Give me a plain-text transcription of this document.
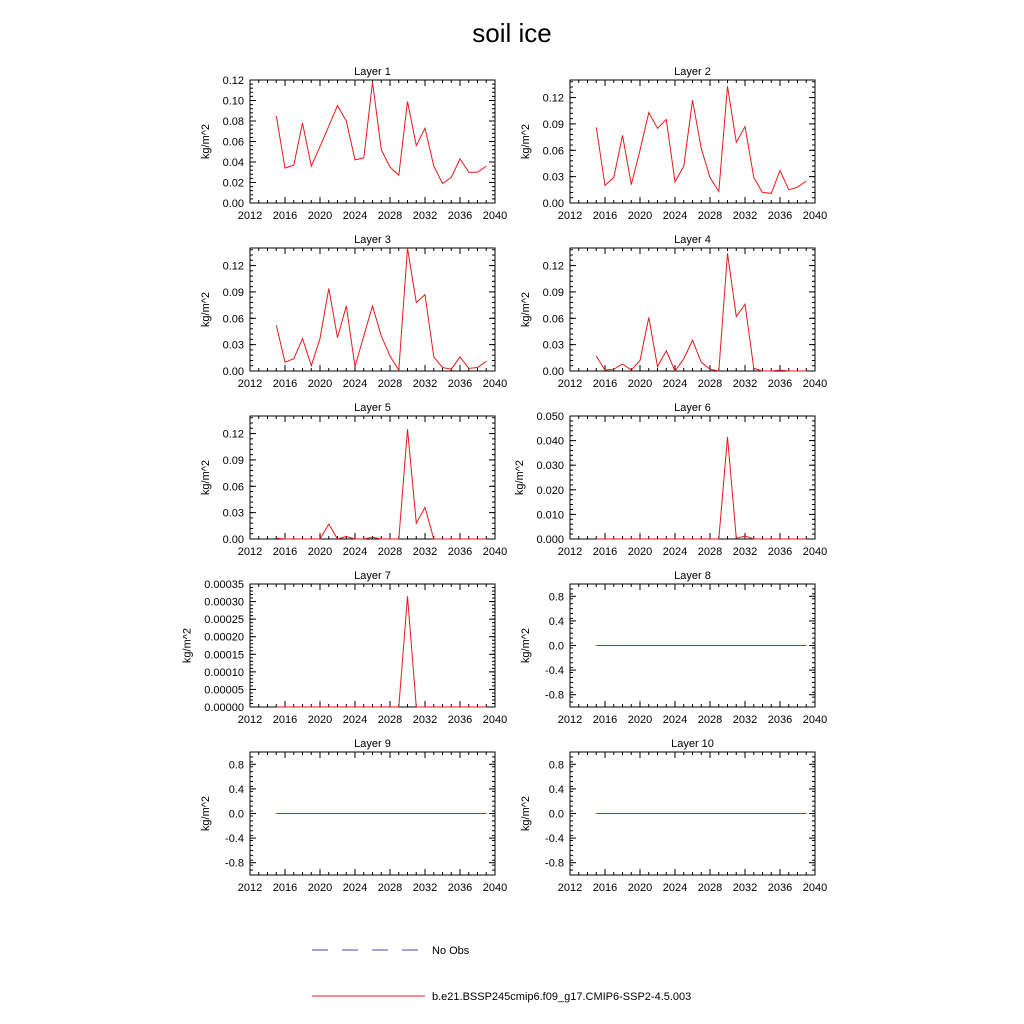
soil ice
Layer 1
2012 2016 2020 2024 2028 2032 2036 2040
0.00
0.02
0.04
0.06
0.08
0.10
0.12
kg/m^2
Layer 2
2012 2016 2020 2024 2028 2032 2036 2040
0.00
0.03
0.06
0.09
0.12
kg/m^2
Layer 3
2012 2016 2020 2024 2028 2032 2036 2040
0.00
0.03
0.06
0.09
0.12
kg/m^2
Layer 4
2012 2016 2020 2024 2028 2032 2036 2040
0.00
0.03
0.06
0.09
0.12
kg/m^2
Layer 5
2012 2016 2020 2024 2028 2032 2036 2040
0.00
0.03
0.06
0.09
0.12
kg/m^2
Layer 6
2012 2016 2020 2024 2028 2032 2036 2040
0.000
0.010
0.020
0.030
0.040
0.050
kg/m^2
Layer 7
2012 2016 2020 2024 2028 2032 2036 2040
0.00000
0.00005
0.00010
0.00015
0.00020
0.00025
0.00030
0.00035
kg/m^2
Layer 8
2012 2016 2020 2024 2028 2032 2036 2040
-0.8
-0.4
0.0
0.4
0.8
kg/m^2
Layer 9
2012 2016 2020 2024 2028 2032 2036 2040
-0.8
-0.4
0.0
0.4
0.8
kg/m^2
Layer 10
2012 2016 2020 2024 2028 2032 2036 2040
-0.8
-0.4
0.0
0.4
0.8
kg/m^2
No Obs
b.e21.BSSP245cmip6.f09_g17.CMIP6-SSP2-4.5.003
